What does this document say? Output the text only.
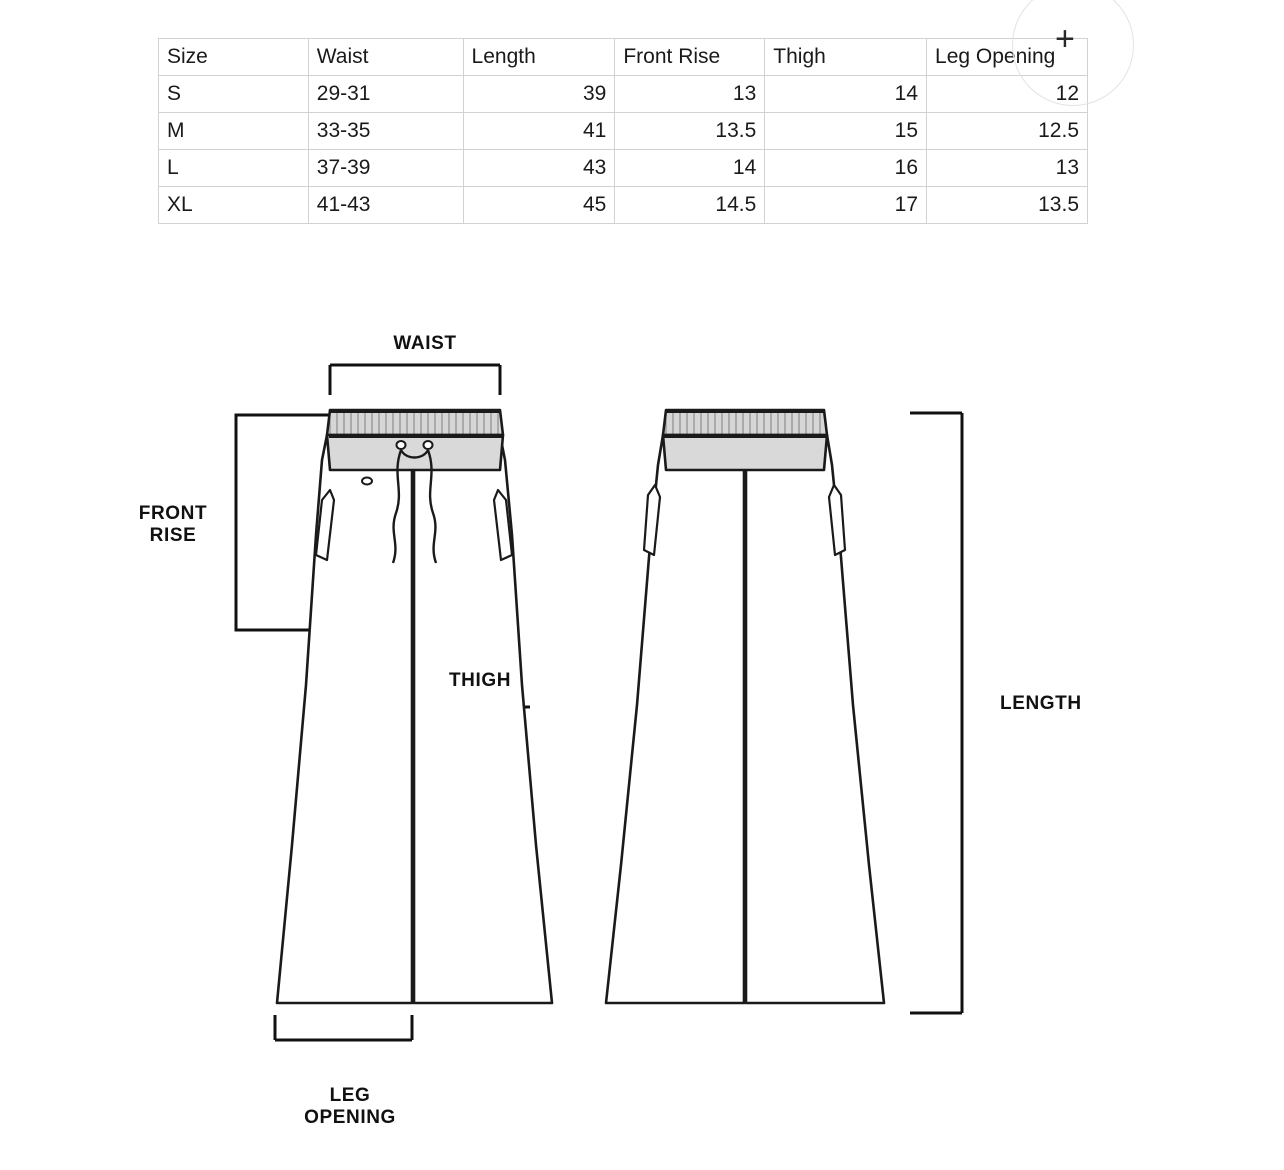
Size	Waist	Length	Front Rise	Thigh	Leg Opening
S	29-31	39	13	14	12
M	33-35	41	13.5	15	12.5
L	37-39	43	14	16	13
XL	41-43	45	14.5	17	13.5
+
WAIST
FRONT
RISE
THIGH
LENGTH
LEG
OPENING
